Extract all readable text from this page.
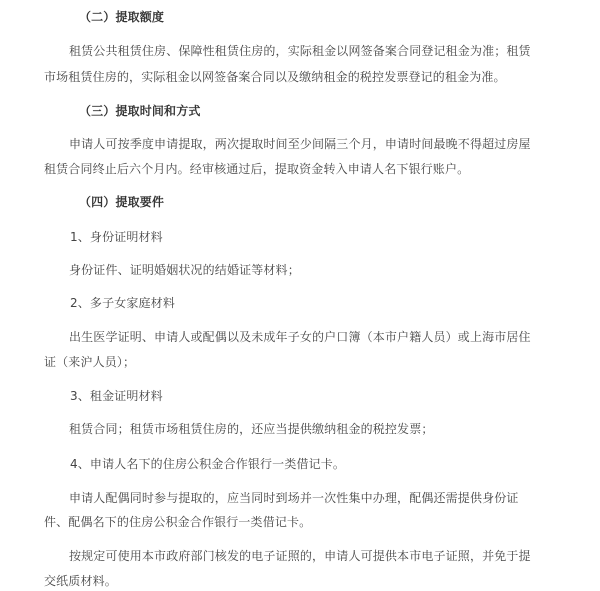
（二）提取额度
租赁公共租赁住房、保障性租赁住房的，实际租金以网签备案合同登记租金为准；租赁
市场租赁住房的，实际租金以网签备案合同以及缴纳租金的税控发票登记的租金为准。
（三）提取时间和方式
申请人可按季度申请提取，两次提取时间至少间隔三个月，申请时间最晚不得超过房屋
租赁合同终止后六个月内。经审核通过后，提取资金转入申请人名下银行账户。
（四）提取要件
1、身份证明材料
身份证件、证明婚姻状况的结婚证等材料；
2、多子女家庭材料
出生医学证明、申请人或配偶以及未成年子女的户口簿（本市户籍人员）或上海市居住
证（来沪人员）；
3、租金证明材料
租赁合同；租赁市场租赁住房的，还应当提供缴纳租金的税控发票；
4、申请人名下的住房公积金合作银行一类借记卡。
申请人配偶同时参与提取的，应当同时到场并一次性集中办理，配偶还需提供身份证
件、配偶名下的住房公积金合作银行一类借记卡。
按规定可使用本市政府部门核发的电子证照的，申请人可提供本市电子证照，并免于提
交纸质材料。
